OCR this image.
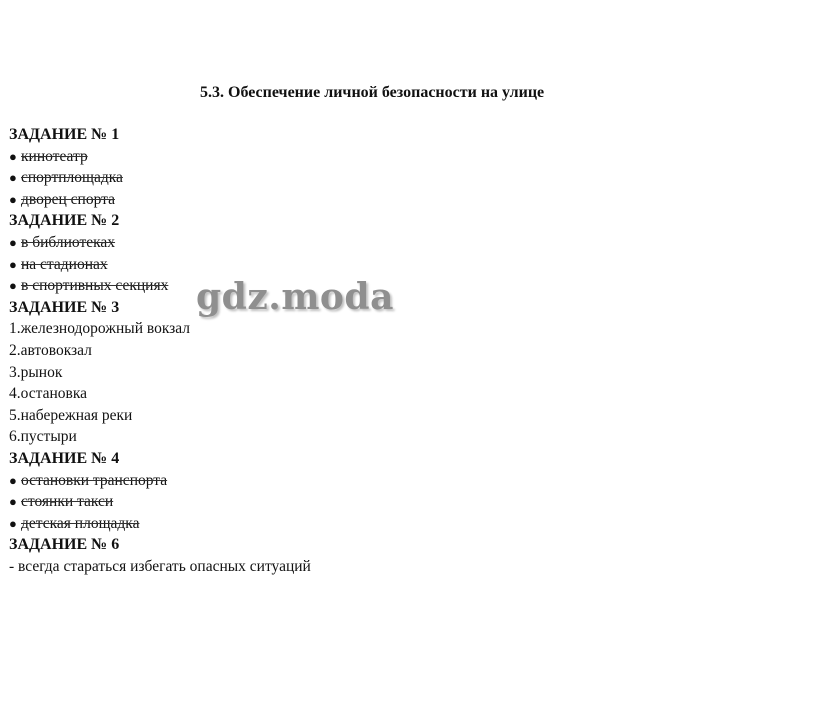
5.3. Обеспечение личной безопасности на улице
ЗАДАНИЕ № 1
● кинотеатр
● спортплощадка
● дворец спорта
ЗАДАНИЕ № 2
● в библиотеках
● на стадионах
● в спортивных секциях
ЗАДАНИЕ № 3
1.железнодорожный вокзал
2.автовокзал
3.рынок
4.остановка
5.набережная реки
6.пустыри
ЗАДАНИЕ № 4
● остановки транспорта
● стоянки такси
● детская площадка
ЗАДАНИЕ № 6
- всегда стараться избегать опасных ситуаций
gdz.moda
